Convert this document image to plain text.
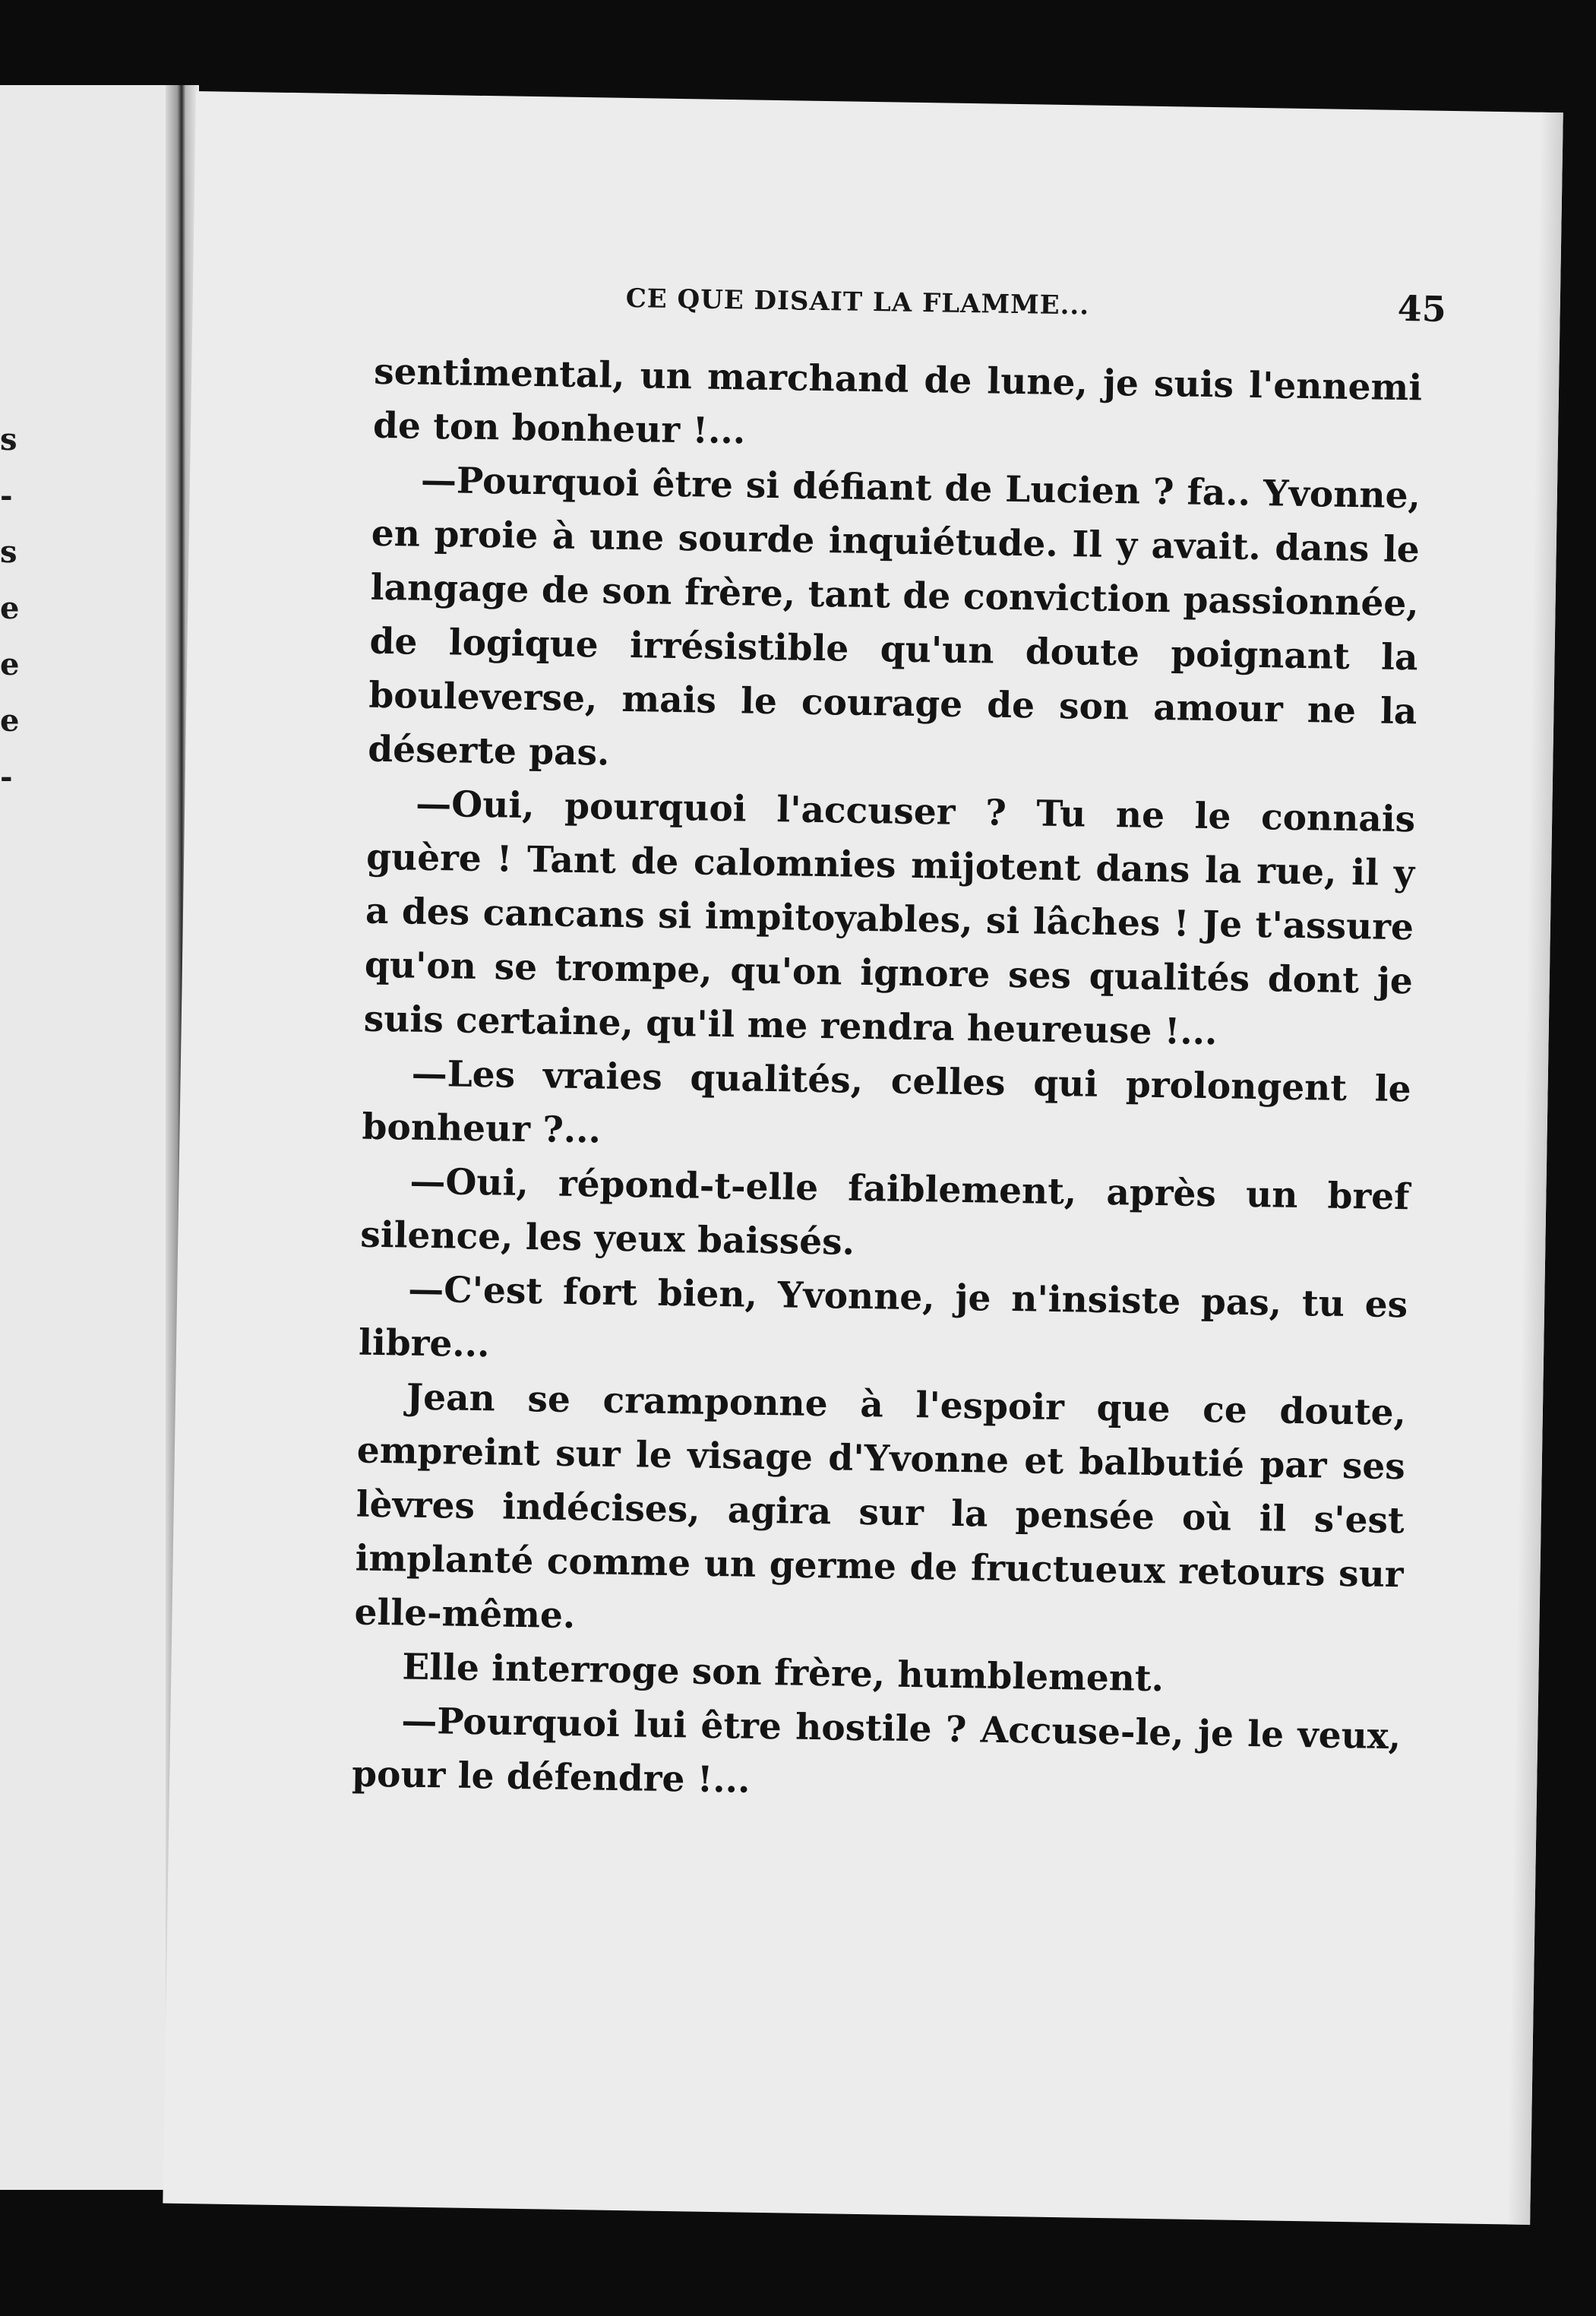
s
-
s
e
e
e
-
CE QUE DISAIT LA FLAMME...	45

sentimental, un marchand de lune, je suis l'ennemi de ton bonheur !...

—Pourquoi être si défiant de Lucien ? fa.. Yvonne, en proie à une sourde inquiétude. Il y avait. dans le langage de son frère, tant de conviction passionnée, de logique irrésistible qu'un doute poignant la bouleverse, mais le courage de son amour ne la déserte pas.

—Oui, pourquoi l'accuser ? Tu ne le connais guère ! Tant de calomnies mijotent dans la rue, il y a des cancans si impitoyables, si lâches ! Je t'assure qu'on se trompe, qu'on ignore ses qualités dont je suis certaine, qu'il me rendra heureuse !...

—Les vraies qualités, celles qui prolongent le bonheur ?...

—Oui, répond-t-elle faiblement, après un bref silence, les yeux baissés.

—C'est fort bien, Yvonne, je n'insiste pas, tu es libre...

Jean se cramponne à l'espoir que ce doute, empreint sur le visage d'Yvonne et balbutié par ses lèvres indécises, agira sur la pensée où il s'est implanté comme un germe de fructueux retours sur elle-même.

Elle interroge son frère, humblement.

—Pourquoi lui être hostile ? Accuse-le, je le veux, pour le défendre !...
